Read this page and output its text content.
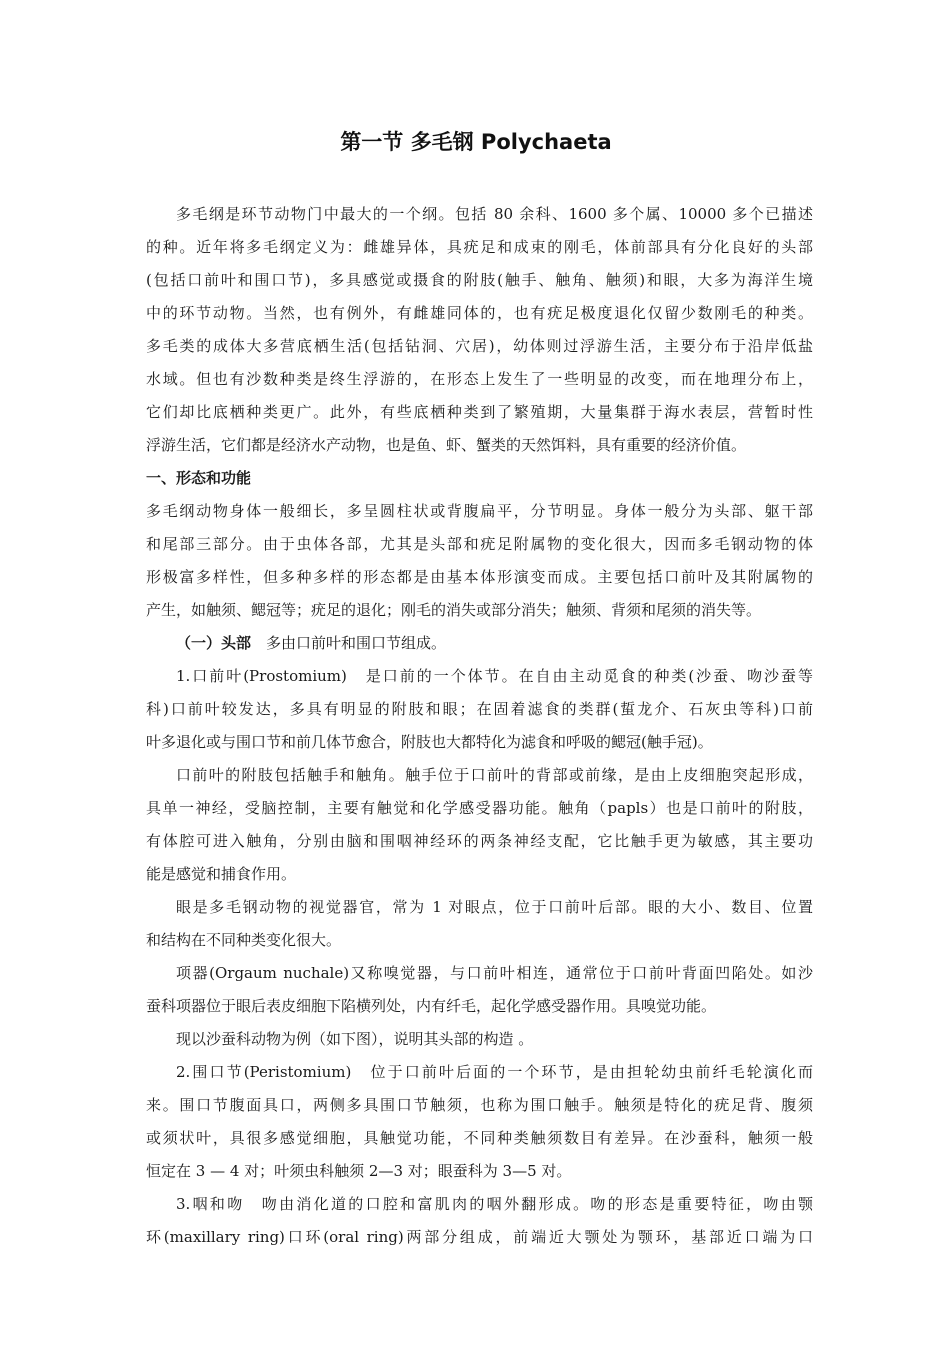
第一节 多毛钢 Polychaeta
多毛纲是环节动物门中最大的一个纲。包括 80 余科、1600 多个属、10000 多个已描述
的种。近年将多毛纲定义为：雌雄异体，具疣足和成束的刚毛，体前部具有分化良好的头部
(包括口前叶和围口节)，多具感觉或摄食的附肢(触手、触角、触须)和眼，大多为海洋生境
中的环节动物。当然，也有例外，有雌雄同体的，也有疣足极度退化仅留少数刚毛的种类。
多毛类的成体大多营底栖生活(包括钻洞、穴居)，幼体则过浮游生活，主要分布于沿岸低盐
水域。但也有沙数种类是终生浮游的，在形态上发生了一些明显的改变，而在地理分布上，
它们却比底栖种类更广。此外，有些底栖种类到了繁殖期，大量集群于海水表层，营暂时性
浮游生活，它们都是经济水产动物，也是鱼、虾、蟹类的天然饵料，具有重要的经济价值。
一、形态和功能
多毛纲动物身体一般细长，多呈圆柱状或背腹扁平，分节明显。身体一般分为头部、躯干部
和尾部三部分。由于虫体各部，尤其是头部和疣足附属物的变化很大，因而多毛钢动物的体
形极富多样性，但多种多样的形态都是由基本体形演变而成。主要包括口前叶及其附属物的
产生，如触须、鳃冠等；疣足的退化；刚毛的消失或部分消失；触须、背须和尾须的消失等。
（一）头部　 多由口前叶和围口节组成。
1.口前叶(Prostomium)　是口前的一个体节。在自由主动觅食的种类(沙蚕、吻沙蚕等
科)口前叶较发达，多具有明显的附肢和眼；在固着滤食的类群(蜇龙介、石灰虫等科)口前
叶多退化或与围口节和前几体节愈合，附肢也大都特化为滤食和呼吸的鳃冠(触手冠)。
口前叶的附肢包括触手和触角。触手位于口前叶的背部或前缘，是由上皮细胞突起形成，
具单一神经，受脑控制，主要有触觉和化学感受器功能。触角（papls）也是口前叶的附肢，
有体腔可进入触角，分别由脑和围咽神经环的两条神经支配，它比触手更为敏感，其主要功
能是感觉和捕食作用。
眼是多毛钢动物的视觉器官，常为 1 对眼点，位于口前叶后部。眼的大小、数目、位置
和结构在不同种类变化很大。
项器(Orgaum nuchale)又称嗅觉器，与口前叶相连，通常位于口前叶背面凹陷处。如沙
蚕科项器位于眼后表皮细胞下陷横列处，内有纤毛，起化学感受器作用。具嗅觉功能。
现以沙蚕科动物为例（如下图），说明其头部的构造 。
2.围口节(Peristomium)　位于口前叶后面的一个环节，是由担轮幼虫前纤毛轮演化而
来。围口节腹面具口，两侧多具围口节触须，也称为围口触手。触须是特化的疣足背、腹须
或须状叶，具很多感觉细胞，具触觉功能，不同种类触须数目有差异。在沙蚕科，触须一般
恒定在 3 — 4 对；叶须虫科触须 2—3 对；眼蚕科为 3—5 对。
3.咽和吻　吻由消化道的口腔和富肌肉的咽外翻形成。吻的形态是重要特征，吻由颚
环(maxillary ring)口环(oral ring)两部分组成，前端近大颚处为颚环，基部近口端为口
